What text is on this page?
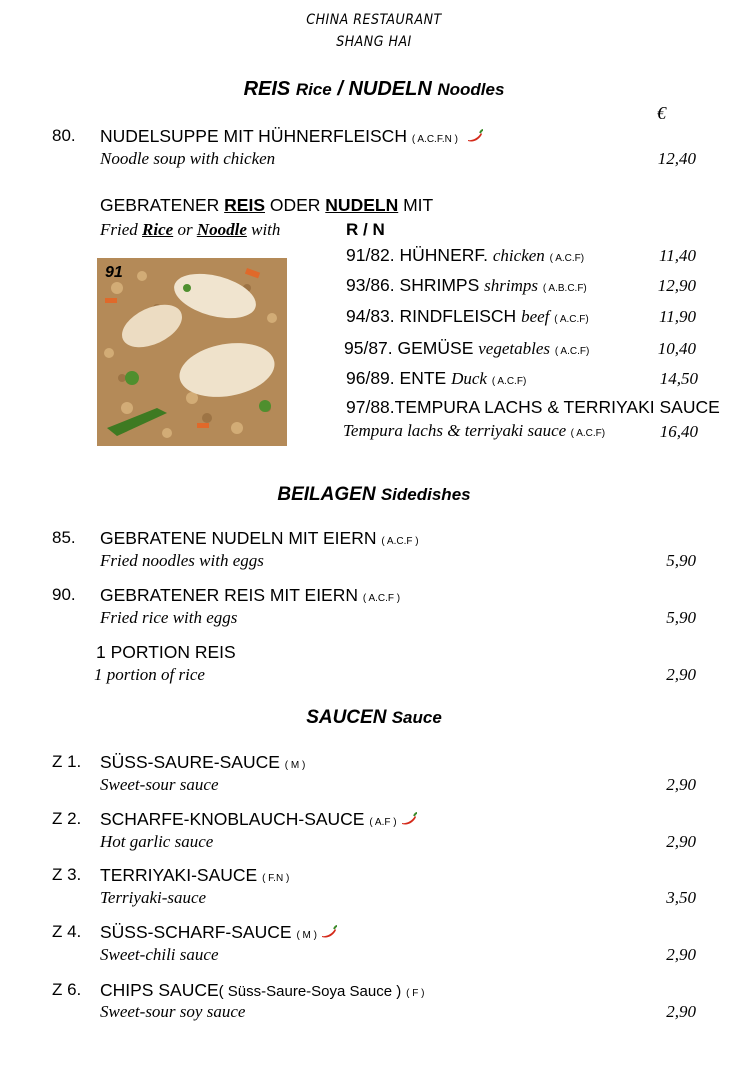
CHINA RESTAURANT
SHANG HAI
REIS Rice / NUDELN Noodles
€
80. NUDELSUPPE MIT HÜHNERFLEISCH ( A.C.F.N )
Noodle soup with chicken	12,40
GEBRATENER REIS ODER NUDELN MIT
Fried Rice or Noodle with	R / N
91
91/82. HÜHNERF. chicken ( A.C.F)	11,40
93/86. SHRIMPS shrimps ( A.B.C.F)	12,90
94/83. RINDFLEISCH beef ( A.C.F)	11,90
95/87. GEMÜSE vegetables ( A.C.F)	10,40
96/89. ENTE Duck ( A.C.F)	14,50
97/88.TEMPURA LACHS & TERRIYAKI SAUCE
Tempura lachs & terriyaki sauce ( A.C.F)	16,40
BEILAGEN Sidedishes
85. GEBRATENE NUDELN MIT EIERN ( A.C.F )
Fried noodles with eggs	5,90
90. GEBRATENER REIS MIT EIERN ( A.C.F )
Fried rice with eggs	5,90
1 PORTION REIS
1 portion of rice	2,90
SAUCEN Sauce
Z 1. SÜSS-SAURE-SAUCE ( M )
Sweet-sour sauce	2,90
Z 2. SCHARFE-KNOBLAUCH-SAUCE ( A.F )
Hot garlic sauce	2,90
Z 3. TERRIYAKI-SAUCE ( F.N )
Terriyaki-sauce	3,50
Z 4. SÜSS-SCHARF-SAUCE ( M )
Sweet-chili sauce	2,90
Z 6. CHIPS SAUCE( Süss-Saure-Soya Sauce ) ( F )
Sweet-sour soy sauce	2,90
